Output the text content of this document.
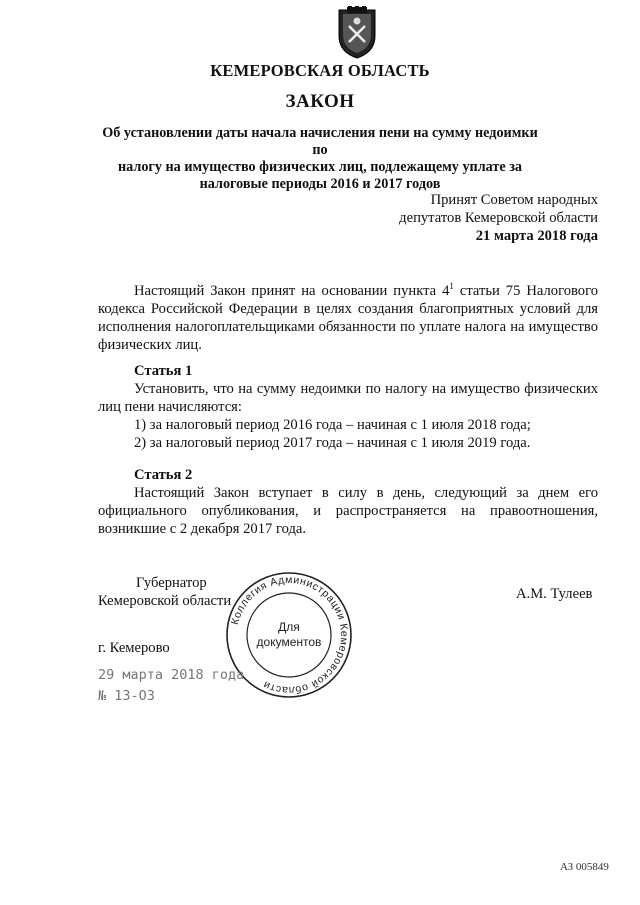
КЕМЕРОВСКАЯ ОБЛАСТЬ
ЗАКОН
Об установлении даты начала начисления пени на сумму недоимки по
налогу на имущество физических лиц, подлежащему уплате за
налоговые периоды 2016 и 2017 годов
Принят Советом народных
депутатов Кемеровской области
21 марта 2018 года

Настоящий Закон принят на основании пункта $4^1$ статьи 75 Налогового кодекса Российской Федерации в целях создания благоприятных условий для исполнения налогоплательщиками обязанности по уплате налога на имущество физических лиц.

Статья 1

Установить, что на сумму недоимки по налогу на имущество физических лиц пени начисляются:

1) за налоговый период 2016 года – начиная с 1 июля 2018 года;

2) за налоговый период 2017 года – начиная с 1 июля 2019 года.

Статья 2

Настоящий Закон вступает в силу в день, следующий за днем его официального опубликования, и распространяется на правоотношения, возникшие с 2 декабря 2017 года.

Губернатор
Кемеровской области	А.М. Тулеев
Коллегия Администрации Кемеровской области
Для
документов
г. Кемерово
29 марта 2018 года
№ 13-ОЗ
АЗ 005849
